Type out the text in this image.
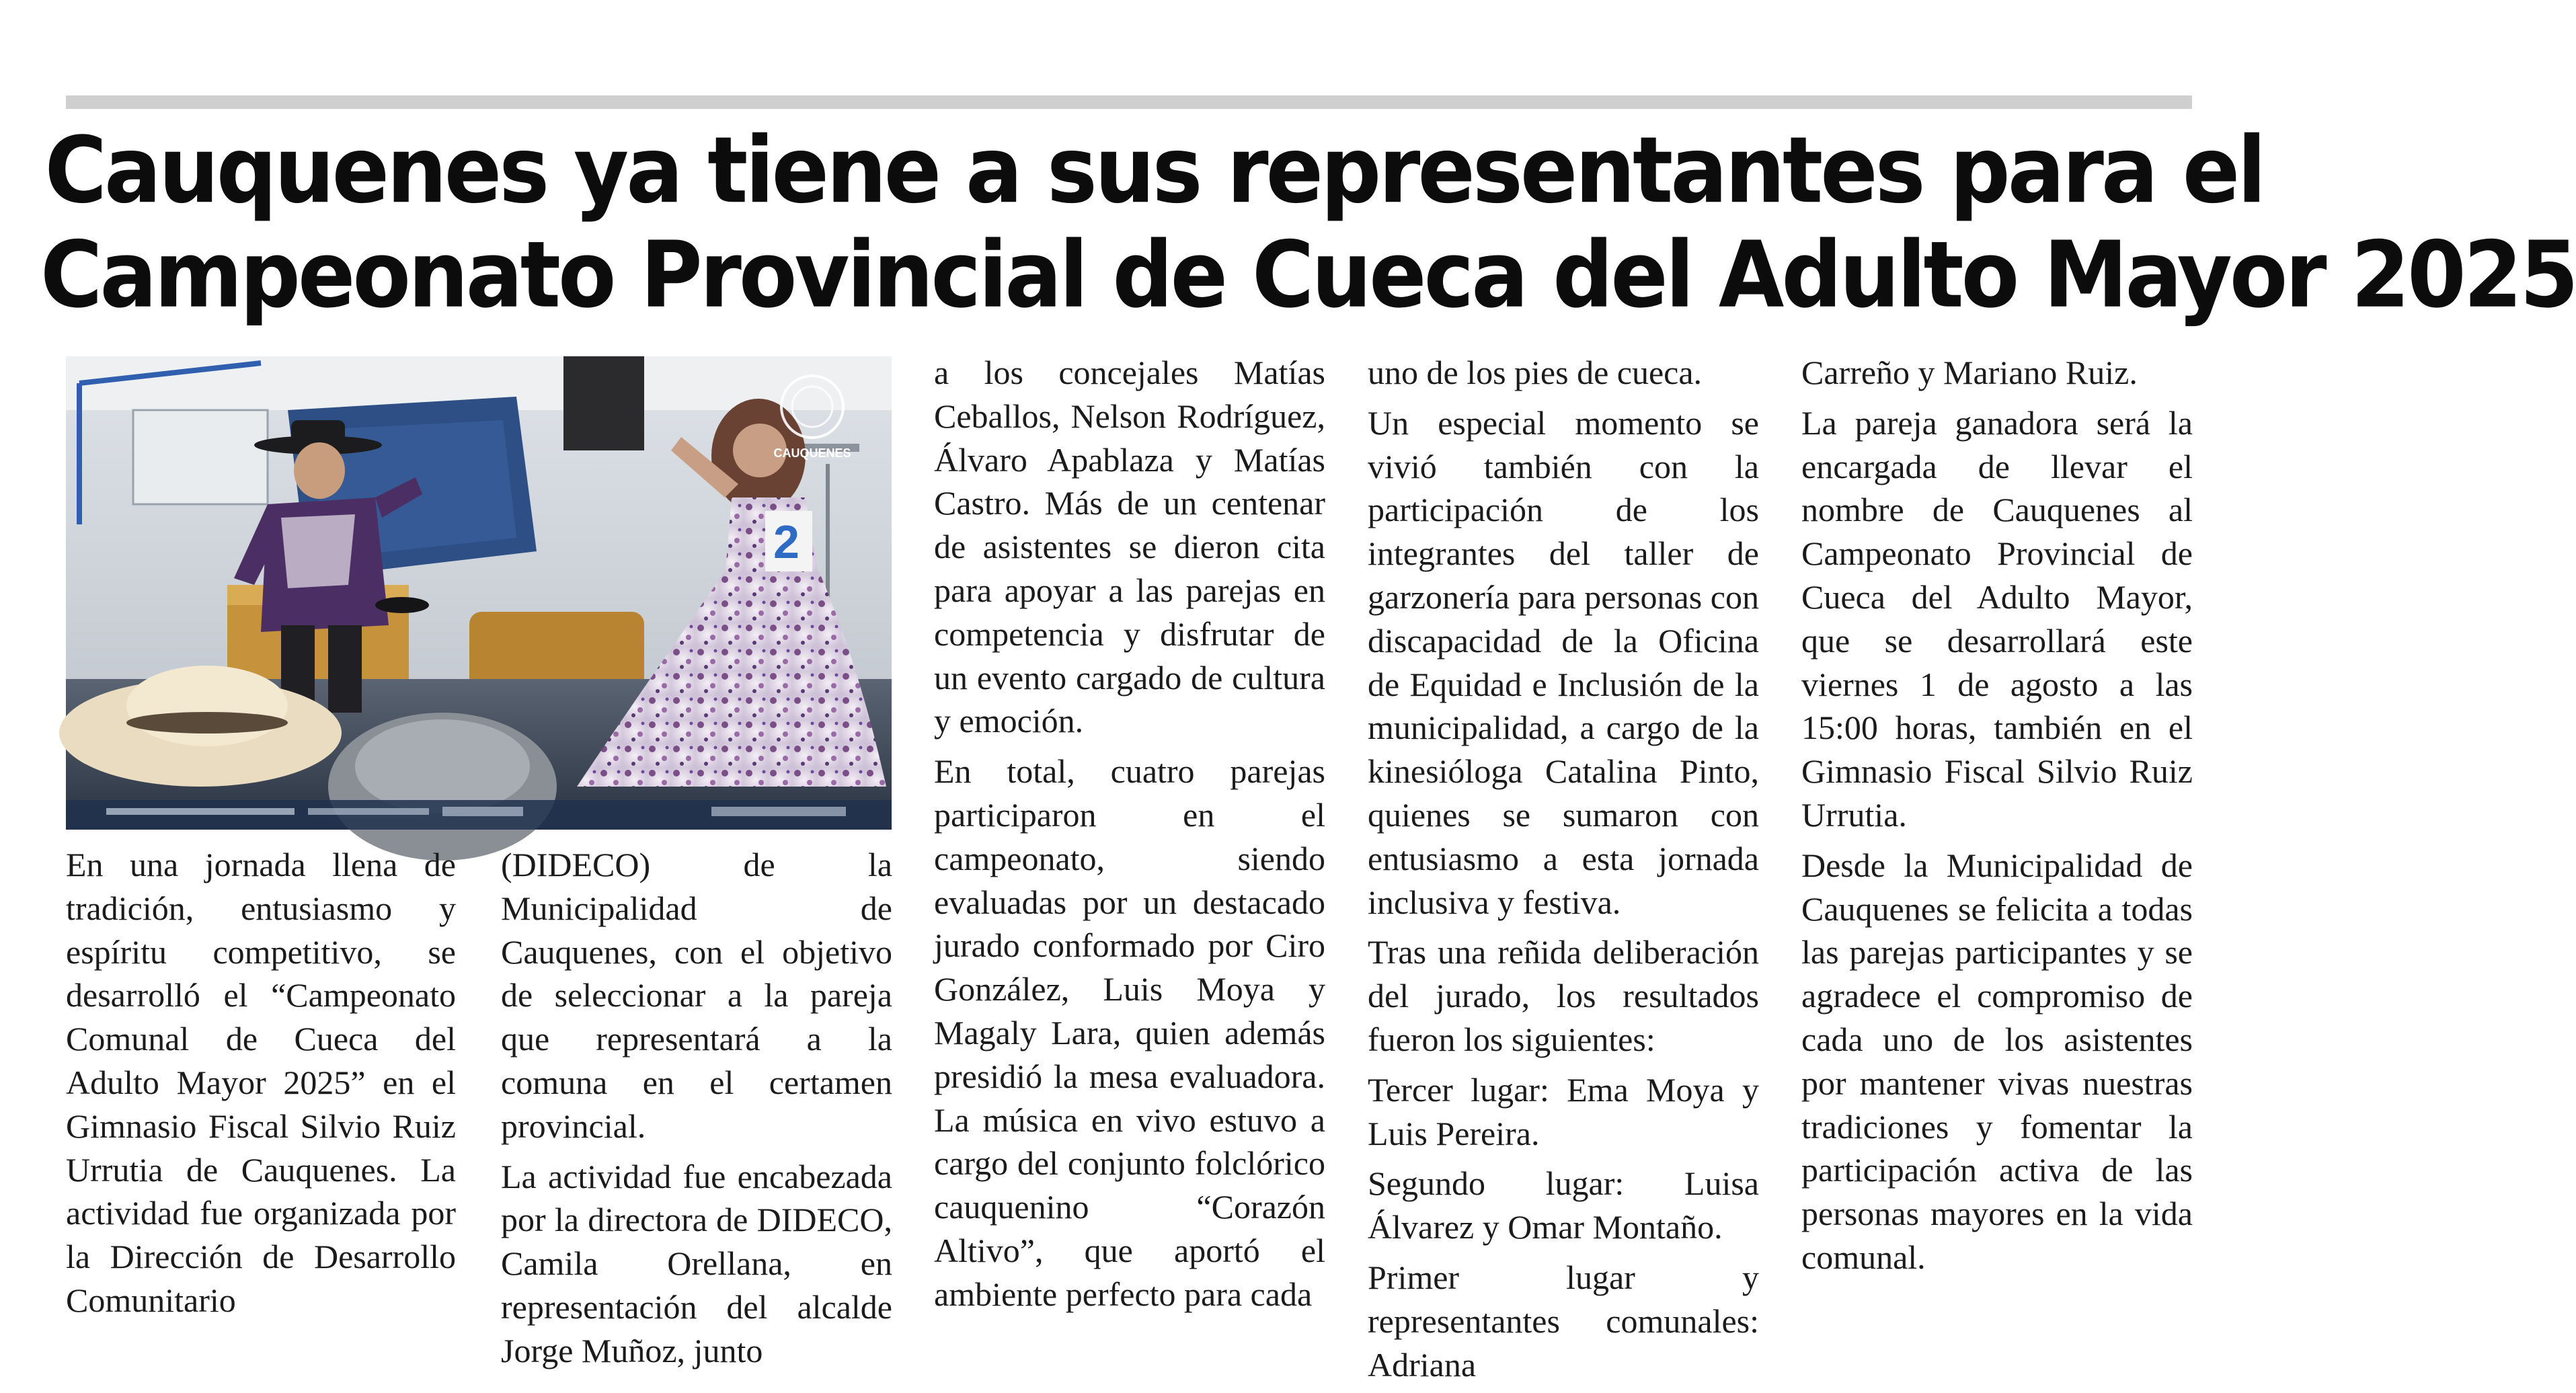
Cauquenes ya tiene a sus representantes para el
Campeonato Provincial de Cueca del Adulto Mayor 2025
2
CAUQUENES

En una jornada llena de tradición, entusiasmo y espíritu competitivo, se desarrolló el “Campeonato Comunal de Cueca del Adulto Mayor 2025” en el Gimnasio Fiscal Silvio Ruiz Urrutia de Cauquenes. La actividad fue organizada por la Dirección de Desarrollo Comunitario

(DIDECO) de la Municipalidad de Cauquenes, con el objetivo de seleccionar a la pareja que representará a la comuna en el certamen provincial.

La actividad fue encabezada por la directora de DIDECO, Camila Orellana, en representación del alcalde Jorge Muñoz, junto

a los concejales Matías Ceballos, Nelson Rodríguez, Álvaro Apablaza y Matías Castro. Más de un centenar de asistentes se dieron cita para apoyar a las parejas en competencia y disfrutar de un evento cargado de cultura y emoción.

En total, cuatro parejas participaron en el campeonato, siendo evaluadas por un destacado jurado conformado por Ciro González, Luis Moya y Magaly Lara, quien además presidió la mesa evaluadora. La música en vivo estuvo a cargo del conjunto folclórico cauquenino “Corazón Altivo”, que aportó el ambiente perfecto para cada

uno de los pies de cueca.

Un especial momento se vivió también con la participación de los integrantes del taller de garzonería para personas con discapacidad de la Oficina de Equidad e Inclusión de la municipalidad, a cargo de la kinesióloga Catalina Pinto, quienes se sumaron con entusiasmo a esta jornada inclusiva y festiva.

Tras una reñida deliberación del jurado, los resultados fueron los siguientes:

Tercer lugar: Ema Moya y Luis Pereira.

Segundo lugar: Luisa Álvarez y Omar Montaño.

Primer lugar y representantes comunales: Adriana

Carreño y Mariano Ruiz.

La pareja ganadora será la encargada de llevar el nombre de Cauquenes al Campeonato Provincial de Cueca del Adulto Mayor, que se desarrollará este viernes 1 de agosto a las 15:00 horas, también en el Gimnasio Fiscal Silvio Ruiz Urrutia.

Desde la Municipalidad de Cauquenes se felicita a todas las parejas participantes y se agradece el compromiso de cada uno de los asistentes por mantener vivas nuestras tradiciones y fomentar la participación activa de las personas mayores en la vida comunal.
